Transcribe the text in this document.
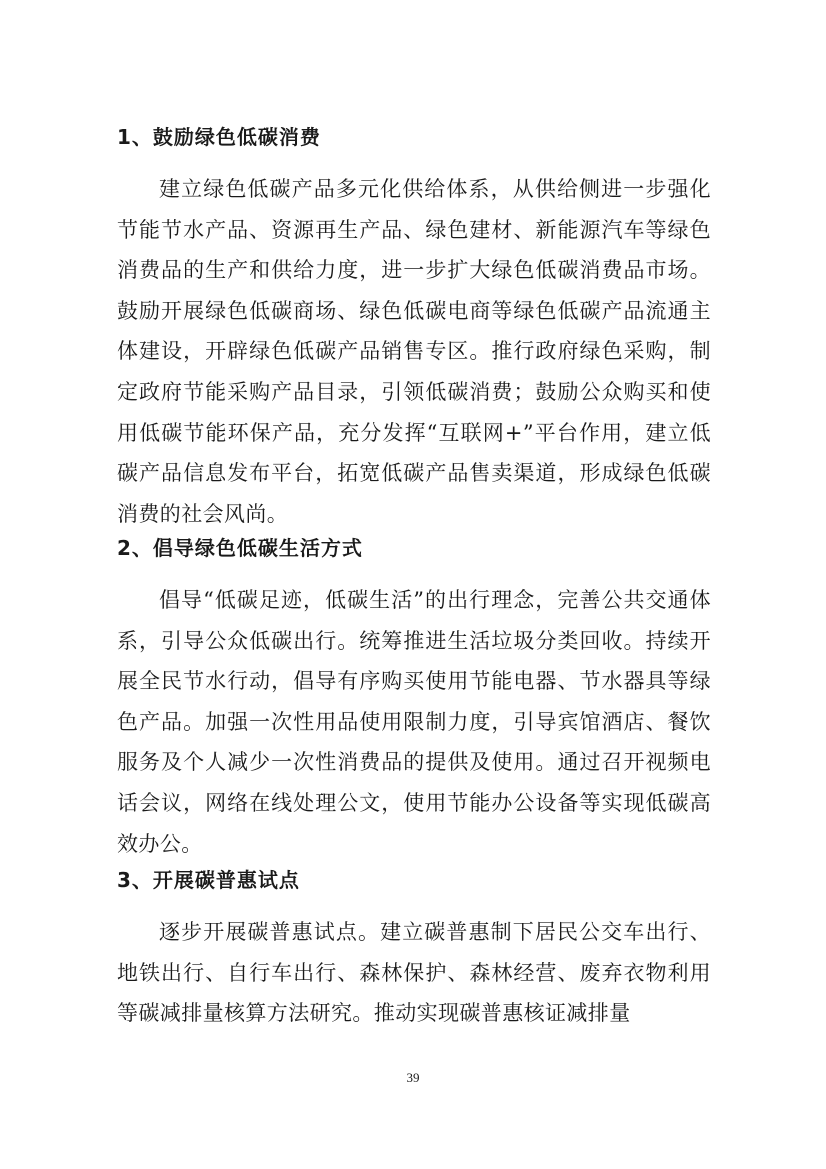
1、鼓励绿色低碳消费

建立绿色低碳产品多元化供给体系，从供给侧进一步强化节能节水产品、资源再生产品、绿色建材、新能源汽车等绿色消费品的生产和供给力度，进一步扩大绿色低碳消费品市场。鼓励开展绿色低碳商场、绿色低碳电商等绿色低碳产品流通主体建设，开辟绿色低碳产品销售专区。推行政府绿色采购，制定政府节能采购产品目录，引领低碳消费；鼓励公众购买和使用低碳节能环保产品，充分发挥“互联网+”平台作用，建立低碳产品信息发布平台，拓宽低碳产品售卖渠道，形成绿色低碳消费的社会风尚。

2、倡导绿色低碳生活方式

倡导“低碳足迹，低碳生活”的出行理念，完善公共交通体系，引导公众低碳出行。统筹推进生活垃圾分类回收。持续开展全民节水行动，倡导有序购买使用节能电器、节水器具等绿色产品。加强一次性用品使用限制力度，引导宾馆酒店、餐饮服务及个人减少一次性消费品的提供及使用。通过召开视频电话会议，网络在线处理公文，使用节能办公设备等实现低碳高效办公。

3、开展碳普惠试点

逐步开展碳普惠试点。建立碳普惠制下居民公交车出行、地铁出行、自行车出行、森林保护、森林经营、废弃衣物利用等碳减排量核算方法研究。推动实现碳普惠核证减排量

39
